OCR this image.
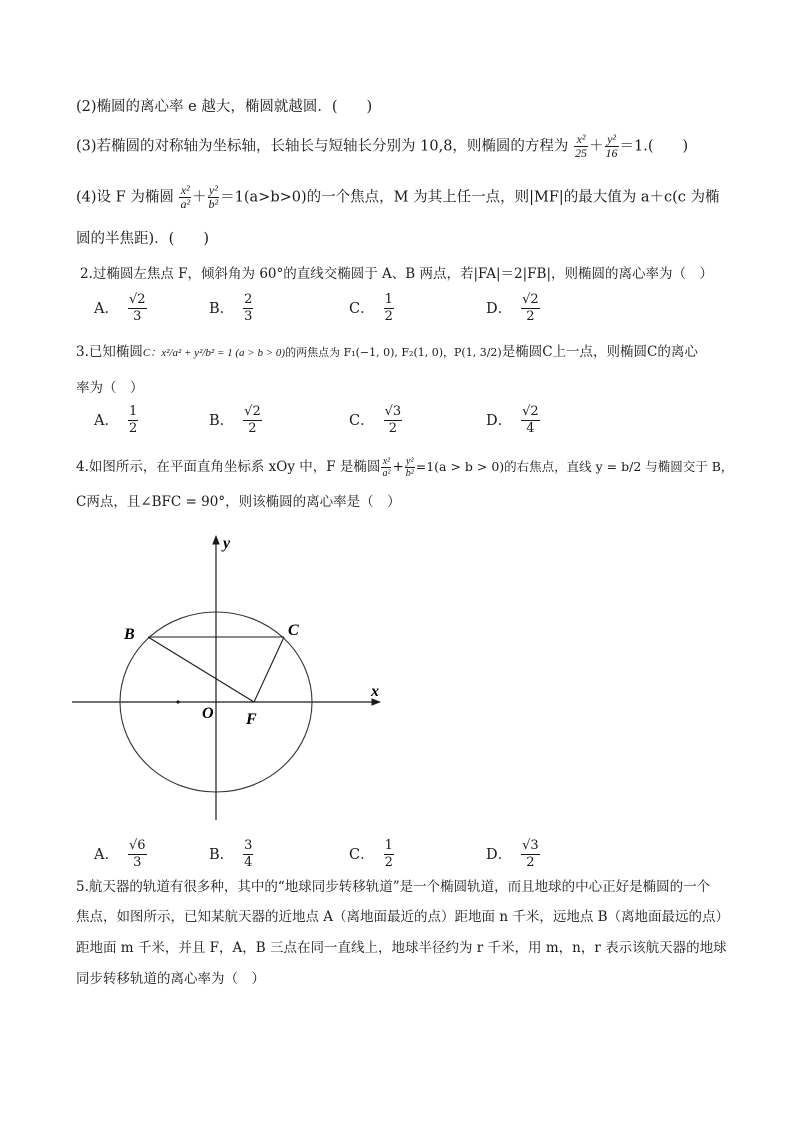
(2)椭圆的离心率 e 越大，椭圆就越圆．(　　)
(3)若椭圆的对称轴为坐标轴，长轴长与短轴长分别为 10,8，则椭圆的方程为 $\frac{\text{x²}}{25} + \frac{\text{y²}}{16} =1$.(　　)
(4)设 F 为椭圆 $\frac{\text{x²}}{\text{a²}} + \frac{\text{y²}}{\text{b²}} =1(a>b>0)$的一个焦点，M 为其上任一点，则|MF|的最大值为 a＋c(c 为椭
圆的半焦距)．(　　)
2.过椭圆左焦点 F，倾斜角为 60°的直线交椭圆于 A、B 两点，若|FA|＝2|FB|，则椭圆的离心率为（　）
A． $\frac{√2}{3}$	B． $\frac{2}{3}$	C． $\frac{1}{2}$	D． $\frac{√2}{2}$
3.已知椭圆C：x²/a² + y²/b² = 1 (a > b > 0)的两焦点为 F₁(−1, 0), F₂(1, 0)，P(1, 3/2)是椭圆C上一点，则椭圆C的离心
率为（　）
A． $\frac{1}{2}$	B． $\frac{√2}{2}$	C． $\frac{√3}{2}$	D． $\frac{√2}{4}$
4.如图所示，在平面直角坐标系 xOy 中，F 是椭圆 $\frac{\text{x²}}{\text{a²}} + \frac{\text{y²}}{\text{b²}} =1(a > b > 0)$的右焦点，直线 y = b/2 与椭圆交于 B，
C两点，且∠BFC = 90°，则该椭圆的离心率是（　）
y
x
O F
B	C
A． $\frac{√6}{3}$	B． $\frac{3}{4}$	C． $\frac{1}{2}$	D． $\frac{√3}{2}$
5.航天器的轨道有很多种，其中的“地球同步转移轨道”是一个椭圆轨道，而且地球的中心正好是椭圆的一个
焦点，如图所示，已知某航天器的近地点 A（离地面最近的点）距地面 n 千米，远地点 B（离地面最远的点）
距地面 m 千米，并且 F，A，B 三点在同一直线上，地球半径约为 r 千米，用 m，n，r 表示该航天器的地球
同步转移轨道的离心率为（　）
